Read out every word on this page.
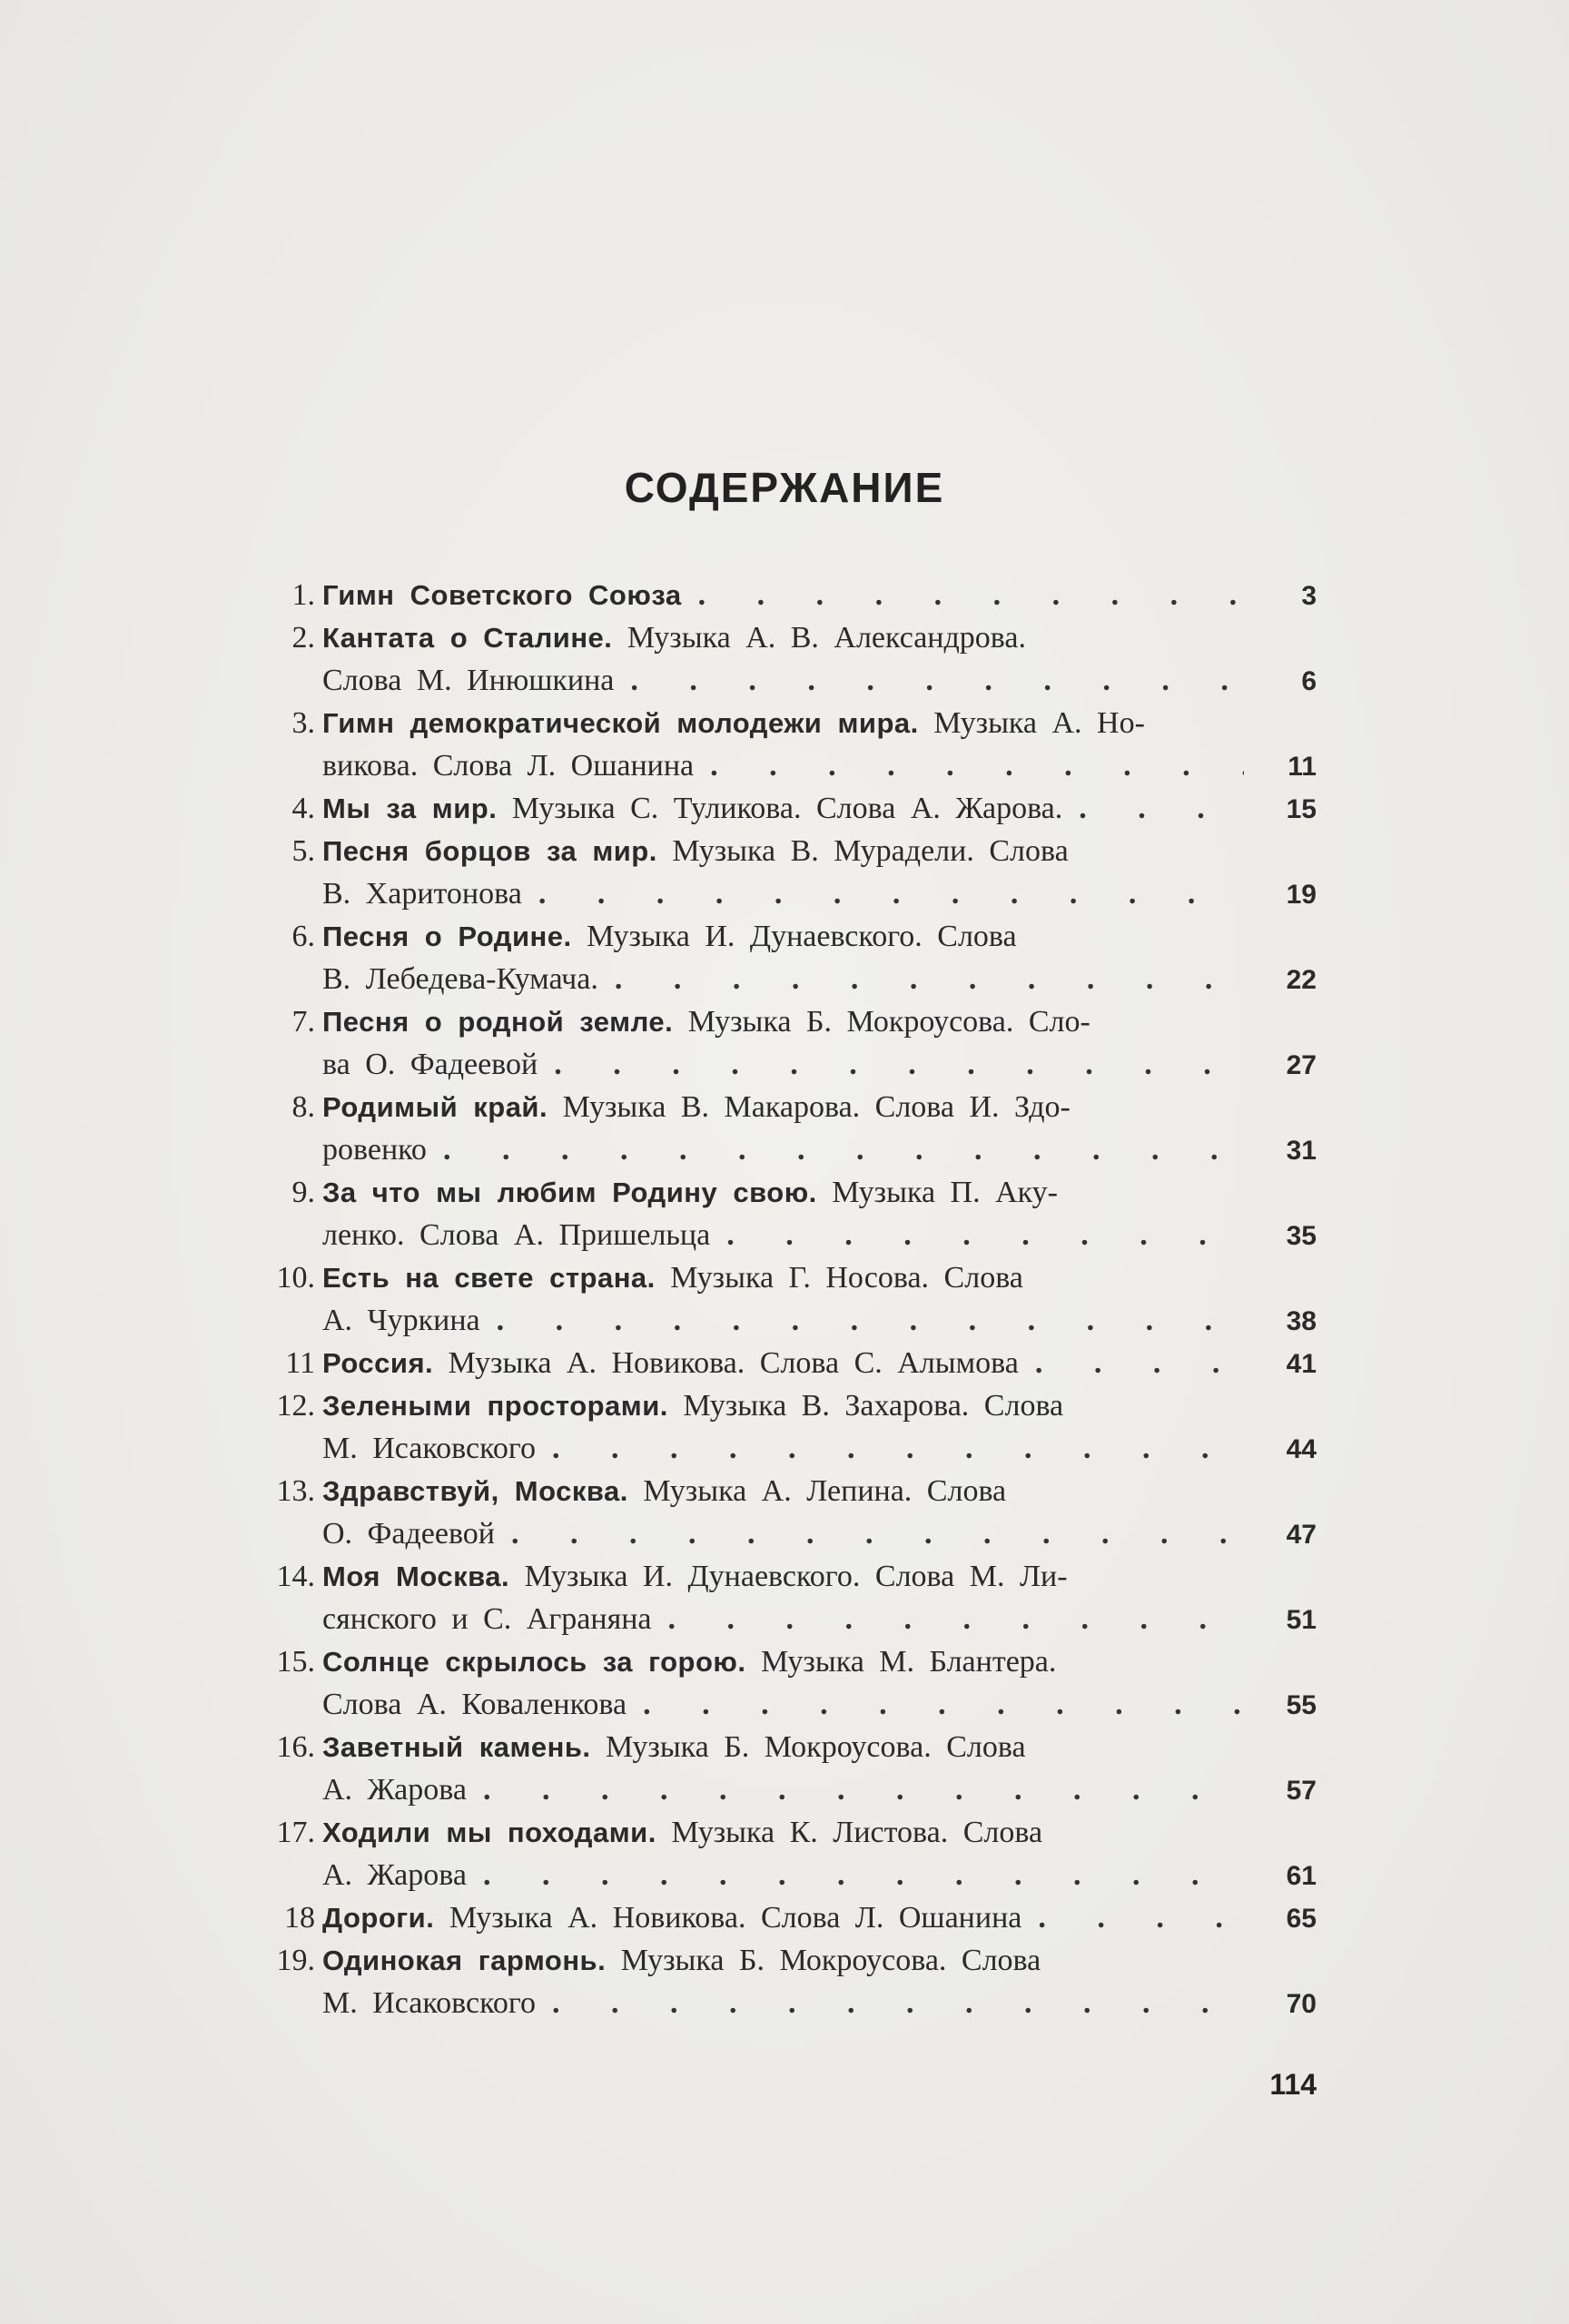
СОДЕРЖАНИЕ
1. Гимн Советского Союза . . .	3
2. Кантата о Сталине. Музыка А. В. Александрова.
Слова М. Инюшкина . . .	6
3. Гимн демократической молодежи мира. Музыка А. Но-
викова. Слова Л. Ошанина . . .	11
4. Мы за мир. Музыка С. Туликова. Слова А. Жарова. . . .	15
5. Песня борцов за мир. Музыка В. Мурадели. Слова
В. Харитонова . . .	19
6. Песня о Родине. Музыка И. Дунаевского. Слова
В. Лебедева-Кумача. . . .	22
7. Песня о родной земле. Музыка Б. Мокроусова. Сло-
ва О. Фадеевой . . .	27
8. Родимый край. Музыка В. Макарова. Слова И. Здо-
ровенко . . .	31
9. За что мы любим Родину свою. Музыка П. Аку-
ленко. Слова А. Пришельца . . .	35
10. Есть на свете страна. Музыка Г. Носова. Слова
А. Чуркина . . .	38
11 Россия. Музыка А. Новикова. Слова С. Алымова . . .	41
12. Зелеными просторами. Музыка В. Захарова. Слова
М. Исаковского . . .	44
13. Здравствуй, Москва. Музыка А. Лепина. Слова
О. Фадеевой . . .	47
14. Моя Москва. Музыка И. Дунаевского. Слова М. Ли-
сянского и С. Аграняна . . .	51
15. Солнце скрылось за горою. Музыка М. Блантера.
Слова А. Коваленкова . . .	55
16. Заветный камень. Музыка Б. Мокроусова. Слова
А. Жарова . . .	57
17. Ходили мы походами. Музыка К. Листова. Слова
А. Жарова . . .	61
18 Дороги. Музыка А. Новикова. Слова Л. Ошанина . . .	65
19. Одинокая гармонь. Музыка Б. Мокроусова. Слова
М. Исаковского . . .	70
114
